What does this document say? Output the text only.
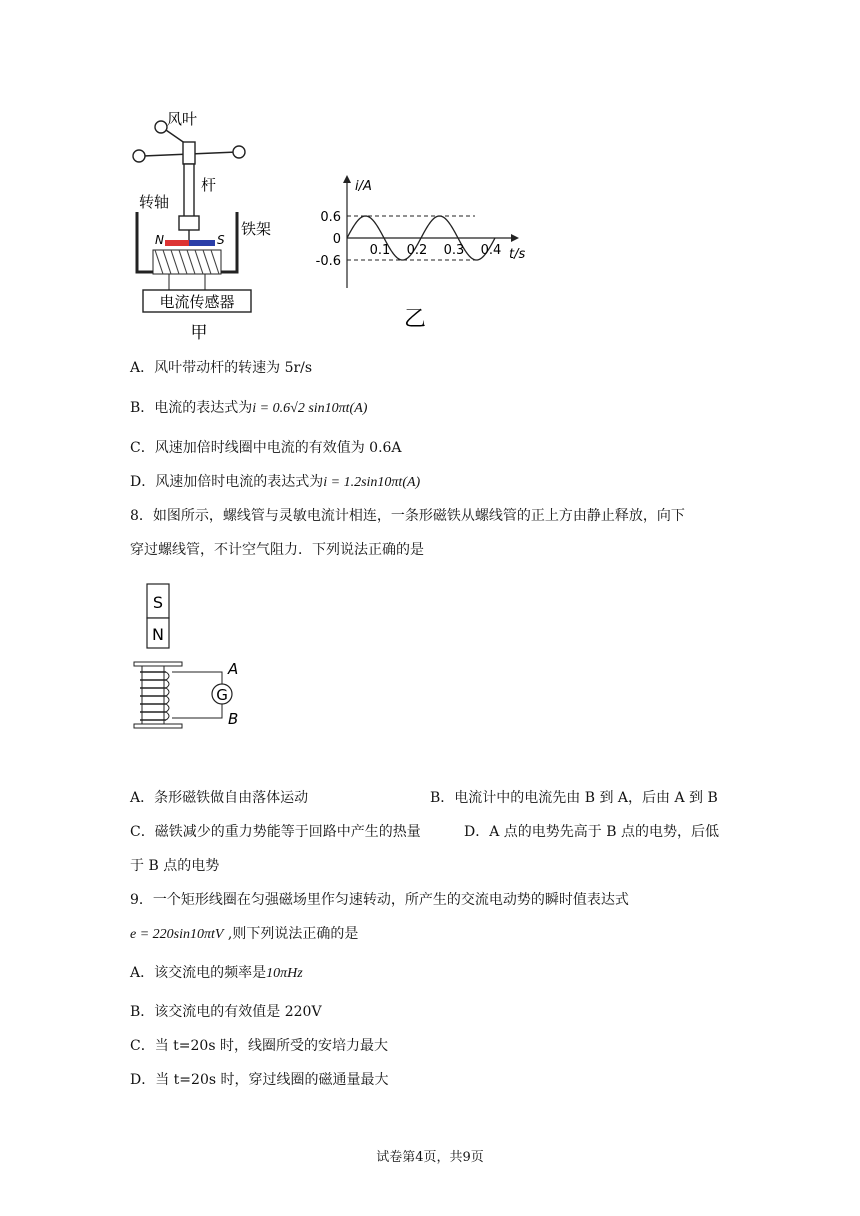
风叶
杆
转轴
铁架
N	S
电流传感器
甲
i/A
t/s
0.6
0
-0.6
0.1 0.2 0.3 0.4
乙
A．风叶带动杆的转速为 5r/s
B．电流的表达式为i = 0.6√2 sin10πt(A)
C．风速加倍时线圈中电流的有效值为 0.6A
D．风速加倍时电流的表达式为i = 1.2sin10πt(A)
8．如图所示，螺线管与灵敏电流计相连，一条形磁铁从螺线管的正上方由静止释放，向下
穿过螺线管，不计空气阻力．下列说法正确的是
S
N
G
A
B
A．条形磁铁做自由落体运动	B．电流计中的电流先由 B 到 A，后由 A 到 B
C．磁铁减少的重力势能等于回路中产生的热量	D．A 点的电势先高于 B 点的电势，后低
于 B 点的电势
9．一个矩形线圈在匀强磁场里作匀速转动，所产生的交流电动势的瞬时值表达式
e = 220sin10πtV ,则下列说法正确的是
A．该交流电的频率是10πHz
B．该交流电的有效值是 220V
C．当 t=20s 时，线圈所受的安培力最大
D．当 t=20s 时，穿过线圈的磁通量最大
试卷第4页，共9页
